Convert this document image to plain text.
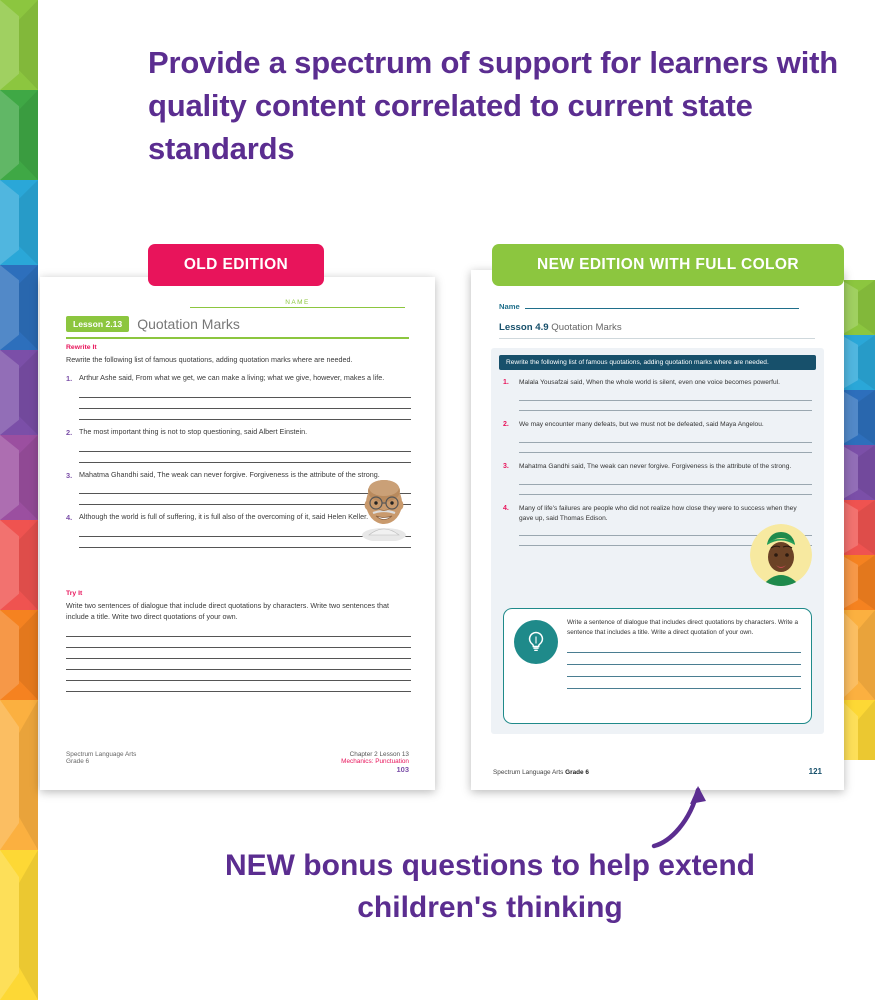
Provide a spectrum of support for learners with quality content correlated to current state standards
OLD EDITION	NEW EDITION WITH FULL COLOR
NAME
Lesson 2.13	Quotation Marks
Rewrite It
Rewrite the following list of famous quotations, adding quotation marks where are needed.
1. Arthur Ashe said, From what we get, we can make a living; what we give, however, makes a life.
2. The most important thing is not to stop questioning, said Albert Einstein.
3. Mahatma Ghandhi said, The weak can never forgive. Forgiveness is the attribute of the strong.
4. Although the world is full of suffering, it is full also of the overcoming of it, said Helen Keller.
Try It
Write two sentences of dialogue that include direct quotations by characters. Write two sentences that include a title. Write two direct quotations of your own.
Spectrum Language Arts
Grade 6
Chapter 2 Lesson 13
Mechanics: Punctuation
103
Name
Lesson 4.9 Quotation Marks
Rewrite the following list of famous quotations, adding quotation marks where are needed.
1.	Malala Yousafzai said, When the whole world is silent, even one voice becomes powerful.
2.	We may encounter many defeats, but we must not be defeated, said Maya Angelou.
3.	Mahatma Gandhi said, The weak can never forgive. Forgiveness is the attribute of the strong.
4.	Many of life's failures are people who did not realize how close they were to success when they gave up, said Thomas Edison.
Write a sentence of dialogue that includes direct quotations by characters. Write a sentence that includes a title. Write a direct quotation of your own.
Spectrum Language Arts Grade 6	121
NEW bonus questions to help extend children's thinking
